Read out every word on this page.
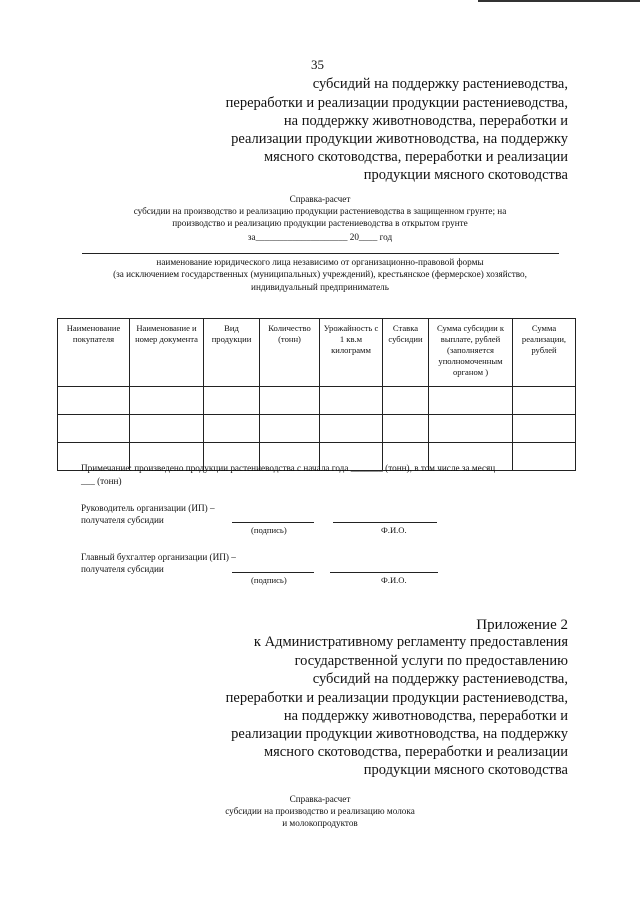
35
субсидий на поддержку растениеводства,
переработки и реализации продукции растениеводства,
на поддержку животноводства, переработки и
реализации продукции животноводства, на поддержку
мясного скотоводства, переработки и реализации
продукции мясного скотоводства
Справка-расчет
субсидии на производство и реализацию продукции растениеводства в защищенном грунте; на
производство и реализацию продукции растениеводства в открытом грунте
за____________________ 20____ год
наименование юридического лица независимо от организационно-правовой формы
(за исключением государственных (муниципальных) учреждений), крестьянское (фермерское) хозяйство,
индивидуальный предприниматель
Наименование покупателя	Наименование и номер документа	Вид продукции	Количество (тонн)	Урожайность с 1 кв.м килограмм	Ставка субсидии	Сумма субсидии к выплате, рублей (заполняется уполномоченным органом )	Сумма реализации, рублей

Примечание: произведено продукции растениеводства с начала года _______ (тонн), в том числе за месяц
___ (тонн)
Руководитель организации (ИП) –
получателя субсидии
(подпись)	Ф.И.О.
Главный бухгалтер организации (ИП) –
получателя субсидии
(подпись)	Ф.И.О.
Приложение 2
к Административному регламенту предоставления
государственной услуги по предоставлению
субсидий на поддержку растениеводства,
переработки и реализации продукции растениеводства,
на поддержку животноводства, переработки и
реализации продукции животноводства, на поддержку
мясного скотоводства, переработки и реализации
продукции мясного скотоводства
Справка-расчет
субсидии на производство и реализацию молока
и молокопродуктов
